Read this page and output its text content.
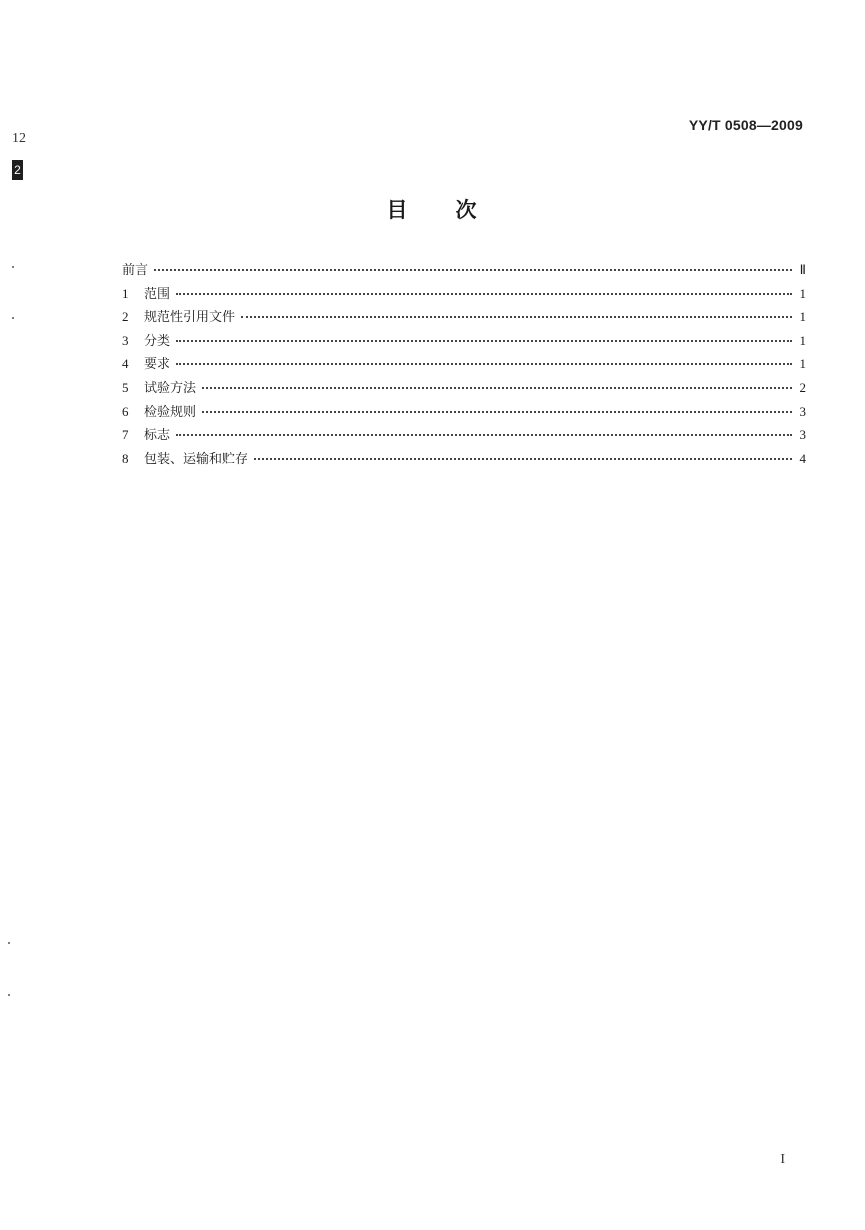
YY/T 0508—2009
12
2
目 次
前言	Ⅱ
1	范围	1
2	规范性引用文件	1
3	分类	1
4	要求	1
5	试验方法	2
6	检验规则	3
7	标志	3
8	包装、运输和贮存	4
I
